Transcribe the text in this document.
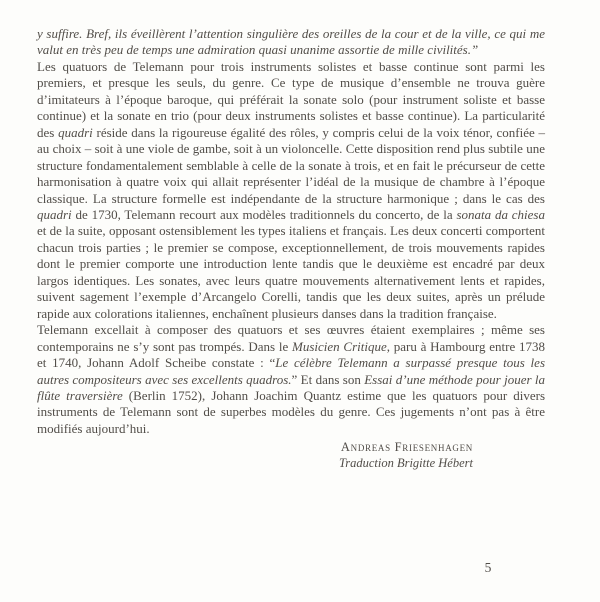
y suffire. Bref, ils éveillèrent l’attention singulière des oreilles de la cour et de la ville, ce qui me valut en très peu de temps une admiration quasi unanime assortie de mille civilités.”

Les quatuors de Telemann pour trois instruments solistes et basse continue sont parmi les premiers, et presque les seuls, du genre. Ce type de musique d’ensemble ne trouva guère d’imitateurs à l’époque baroque, qui préférait la sonate solo (pour instrument soliste et basse continue) et la sonate en trio (pour deux instruments solistes et basse continue). La particularité des quadri réside dans la rigoureuse égalité des rôles, y compris celui de la voix ténor, confiée – au choix – soit à une viole de gambe, soit à un violoncelle. Cette disposition rend plus subtile une structure fondamentalement semblable à celle de la sonate à trois, et en fait le précurseur de cette harmonisation à quatre voix qui allait représenter l’idéal de la musique de chambre à l’époque classique. La structure formelle est indépendante de la structure harmonique ; dans le cas des quadri de 1730, Telemann recourt aux modèles traditionnels du concerto, de la sonata da chiesa et de la suite, opposant ostensiblement les types italiens et français. Les deux concerti comportent chacun trois parties ; le premier se compose, exceptionnellement, de trois mouvements rapides dont le premier comporte une introduction lente tandis que le deuxième est encadré par deux largos identiques. Les sonates, avec leurs quatre mouvements alternativement lents et rapides, suivent sagement l’exemple d’Arcangelo Corelli, tandis que les deux suites, après un prélude rapide aux colorations italiennes, enchaînent plusieurs danses dans la tradition française.

Telemann excellait à composer des quatuors et ses œuvres étaient exemplaires ; même ses contemporains ne s’y sont pas trompés. Dans le Musicien Critique, paru à Hambourg entre 1738 et 1740, Johann Adolf Scheibe constate : “Le célèbre Telemann a surpassé presque tous les autres compositeurs avec ses excellents quadros.” Et dans son Essai d’une méthode pour jouer la flûte traversière (Berlin 1752), Johann Joachim Quantz estime que les quatuors pour divers instruments de Telemann sont de superbes modèles du genre. Ces jugements n’ont pas à être modifiés aujourd’hui.

Andreas Friesenhagen
Traduction Brigitte Hébert
5
